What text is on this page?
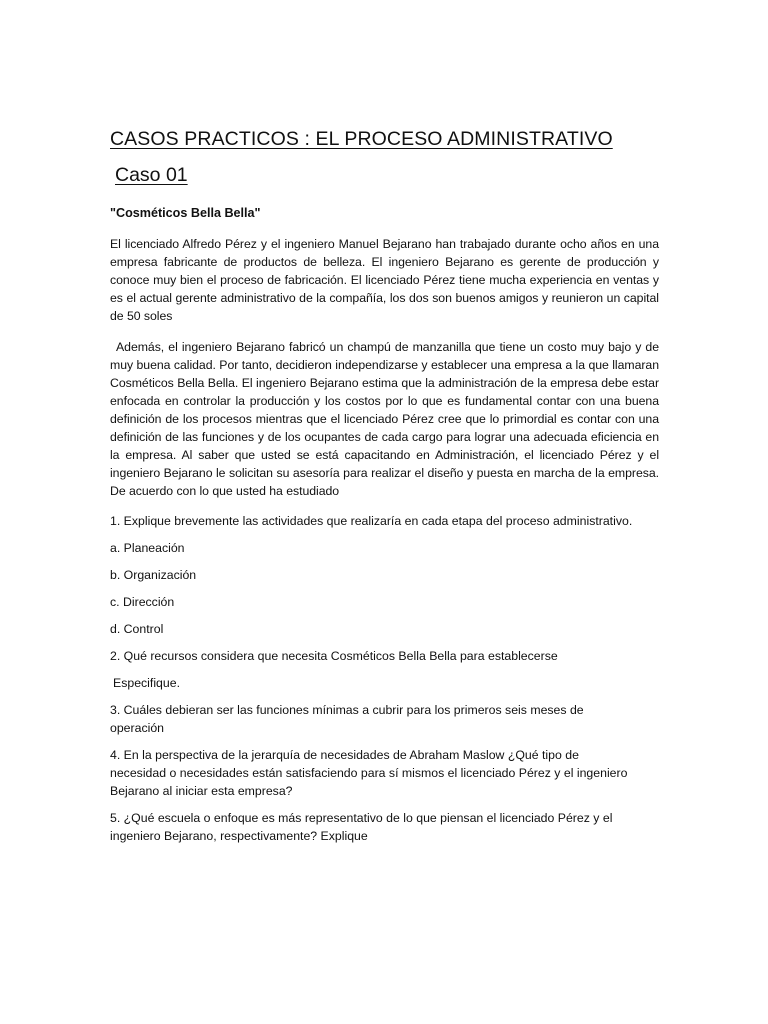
CASOS PRACTICOS : EL PROCESO ADMINISTRATIVO
Caso 01

"Cosméticos Bella Bella"

El licenciado Alfredo Pérez y el ingeniero Manuel Bejarano han trabajado durante ocho años en una empresa fabricante de productos de belleza. El ingeniero Bejarano es gerente de producción y conoce muy bien el proceso de fabricación. El licenciado Pérez tiene mucha experiencia en ventas y es el actual gerente administrativo de la compañía, los dos son buenos amigos y reunieron un capital de 50 soles

Además, el ingeniero Bejarano fabricó un champú de manzanilla que tiene un costo muy bajo y de muy buena calidad. Por tanto, decidieron independizarse y establecer una empresa a la que llamaran Cosméticos Bella Bella. El ingeniero Bejarano estima que la administración de la empresa debe estar enfocada en controlar la producción y los costos por lo que es fundamental contar con una buena definición de los procesos mientras que el licenciado Pérez cree que lo primordial es contar con una definición de las funciones y de los ocupantes de cada cargo para lograr una adecuada eficiencia en la empresa. Al saber que usted se está capacitando en Administración, el licenciado Pérez y el ingeniero Bejarano le solicitan su asesoría para realizar el diseño y puesta en marcha de la empresa. De acuerdo con lo que usted ha estudiado

1. Explique brevemente las actividades que realizaría en cada etapa del proceso administrativo.

a. Planeación

b. Organización

c. Dirección

d. Control

2. Qué recursos considera que necesita Cosméticos Bella Bella para establecerse

Especifique.

3. Cuáles debieran ser las funciones mínimas a cubrir para los primeros seis meses de

operación

4. En la perspectiva de la jerarquía de necesidades de Abraham Maslow ¿Qué tipo de

necesidad o necesidades están satisfaciendo para sí mismos el licenciado Pérez y el ingeniero

Bejarano al iniciar esta empresa?

5. ¿Qué escuela o enfoque es más representativo de lo que piensan el licenciado Pérez y el

ingeniero Bejarano, respectivamente? Explique
